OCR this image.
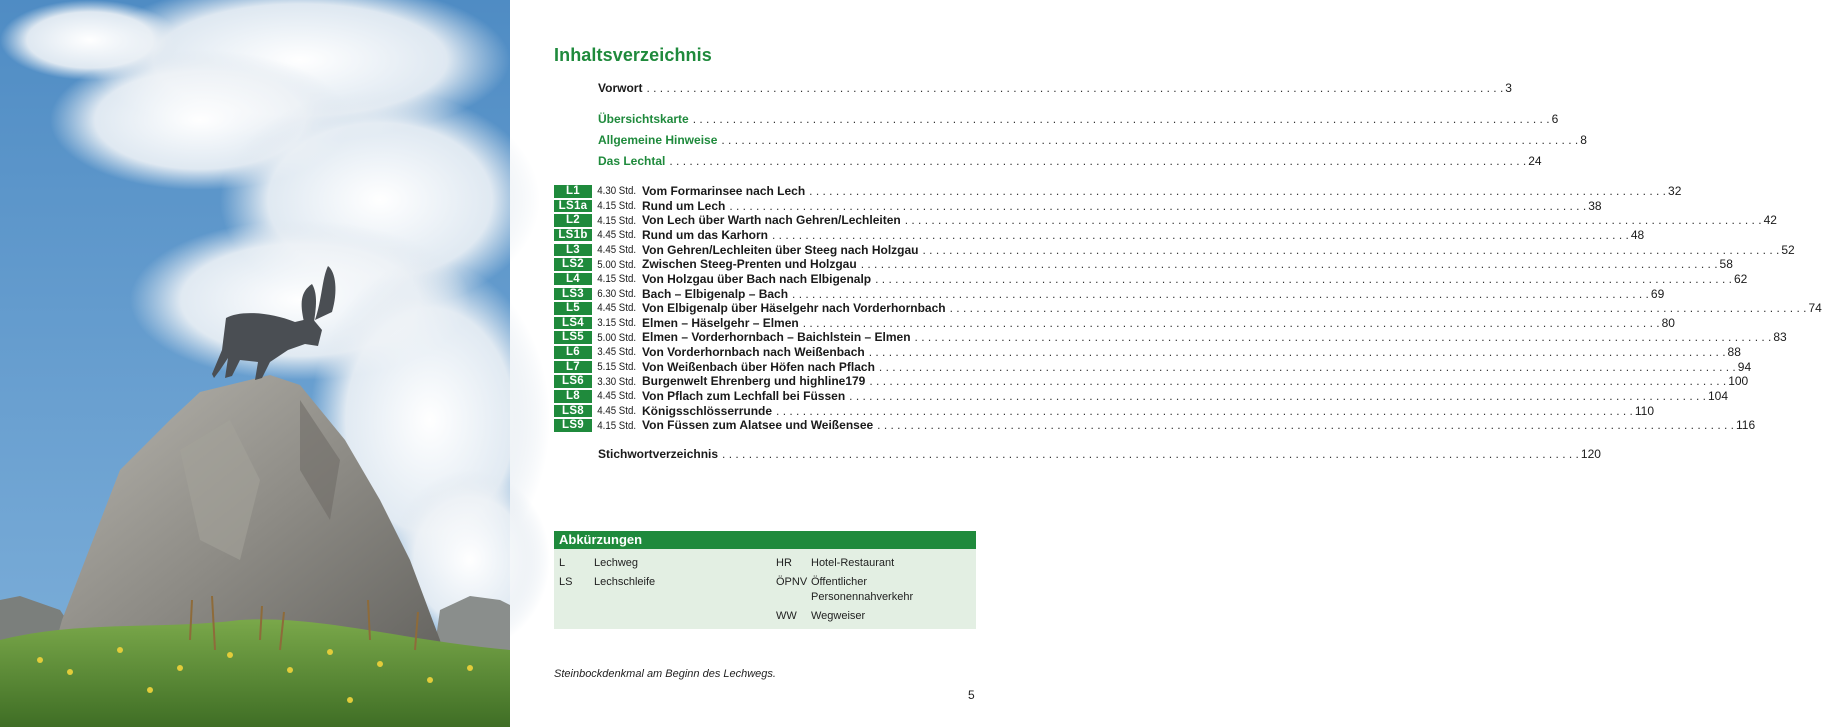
Inhaltsverzeichnis
Vorwort . . .	3
Übersichtskarte . . .	6
Allgemeine Hinweise . . .	8
Das Lechtal . . .	24
L1	4.30 Std. Vom Formarinsee nach Lech . . .	32
LS1a 4.15 Std. Rund um Lech . . .	38
L2	4.15 Std. Von Lech über Warth nach Gehren/Lechleiten . . .	42
LS1b 4.45 Std. Rund um das Karhorn . . .	48
L3	4.45 Std. Von Gehren/Lechleiten über Steeg nach Holzgau . . .	52
LS2	5.00 Std. Zwischen Steeg-Prenten und Holzgau . . .	58
L4	4.15 Std. Von Holzgau über Bach nach Elbigenalp . . .	62
LS3	6.30 Std. Bach – Elbigenalp – Bach . . .	69
L5	4.45 Std. Von Elbigenalp über Häselgehr nach Vorderhornbach . . .	74
LS4	3.15 Std. Elmen – Häselgehr – Elmen . . .	80
LS5	5.00 Std. Elmen – Vorderhornbach – Baichlstein – Elmen . . .	83
L6	3.45 Std. Von Vorderhornbach nach Weißenbach . . .	88
L7	5.15 Std. Von Weißenbach über Höfen nach Pflach . . .	94
LS6	3.30 Std. Burgenwelt Ehrenberg und highline179 . . .	100
L8	4.45 Std. Von Pflach zum Lechfall bei Füssen . . .	104
LS8	4.45 Std. Königsschlösserrunde . . .	110
LS9	4.15 Std. Von Füssen zum Alatsee und Weißensee . . .	116
Stichwortverzeichnis . . .	120
Abkürzungen
L	Lechweg
LS Lechschleife
HR Hotel-Restaurant
ÖPNV Öffentlicher Personennahverkehr
WW Wegweiser
Steinbockdenkmal am Beginn des Lechwegs.
5
